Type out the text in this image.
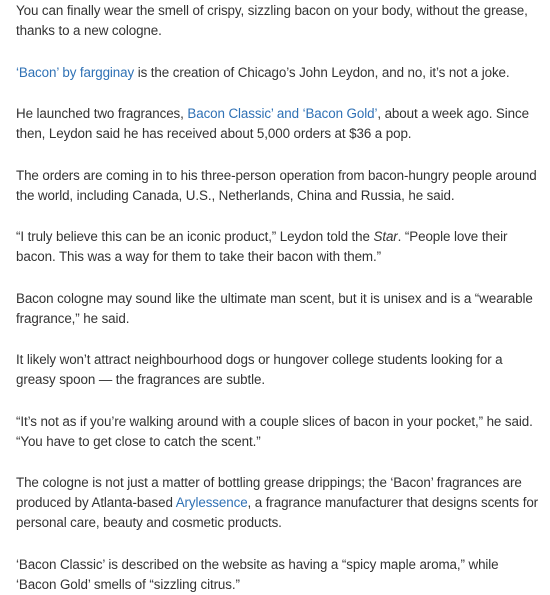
You can finally wear the smell of crispy, sizzling bacon on your body, without the grease, thanks to a new cologne.

‘Bacon’ by fargginay is the creation of Chicago’s John Leydon, and no, it’s not a joke.

He launched two fragrances, Bacon Classic’ and ‘Bacon Gold’, about a week ago. Since then, Leydon said he has received about 5,000 orders at $36 a pop.

The orders are coming in to his three-person operation from bacon-hungry people around the world, including Canada, U.S., Netherlands, China and Russia, he said.

“I truly believe this can be an iconic product,” Leydon told the Star. “People love their bacon. This was a way for them to take their bacon with them.”

Bacon cologne may sound like the ultimate man scent, but it is unisex and is a “wearable fragrance,” he said.

It likely won’t attract neighbourhood dogs or hungover college students looking for a greasy spoon — the fragrances are subtle.

“It’s not as if you’re walking around with a couple slices of bacon in your pocket,” he said. “You have to get close to catch the scent.”

The cologne is not just a matter of bottling grease drippings; the ‘Bacon’ fragrances are produced by Atlanta-based Arylessence, a fragrance manufacturer that designs scents for personal care, beauty and cosmetic products.

‘Bacon Classic’ is described on the website as having a “spicy maple aroma,” while ‘Bacon Gold’ smells of “sizzling citrus.”
